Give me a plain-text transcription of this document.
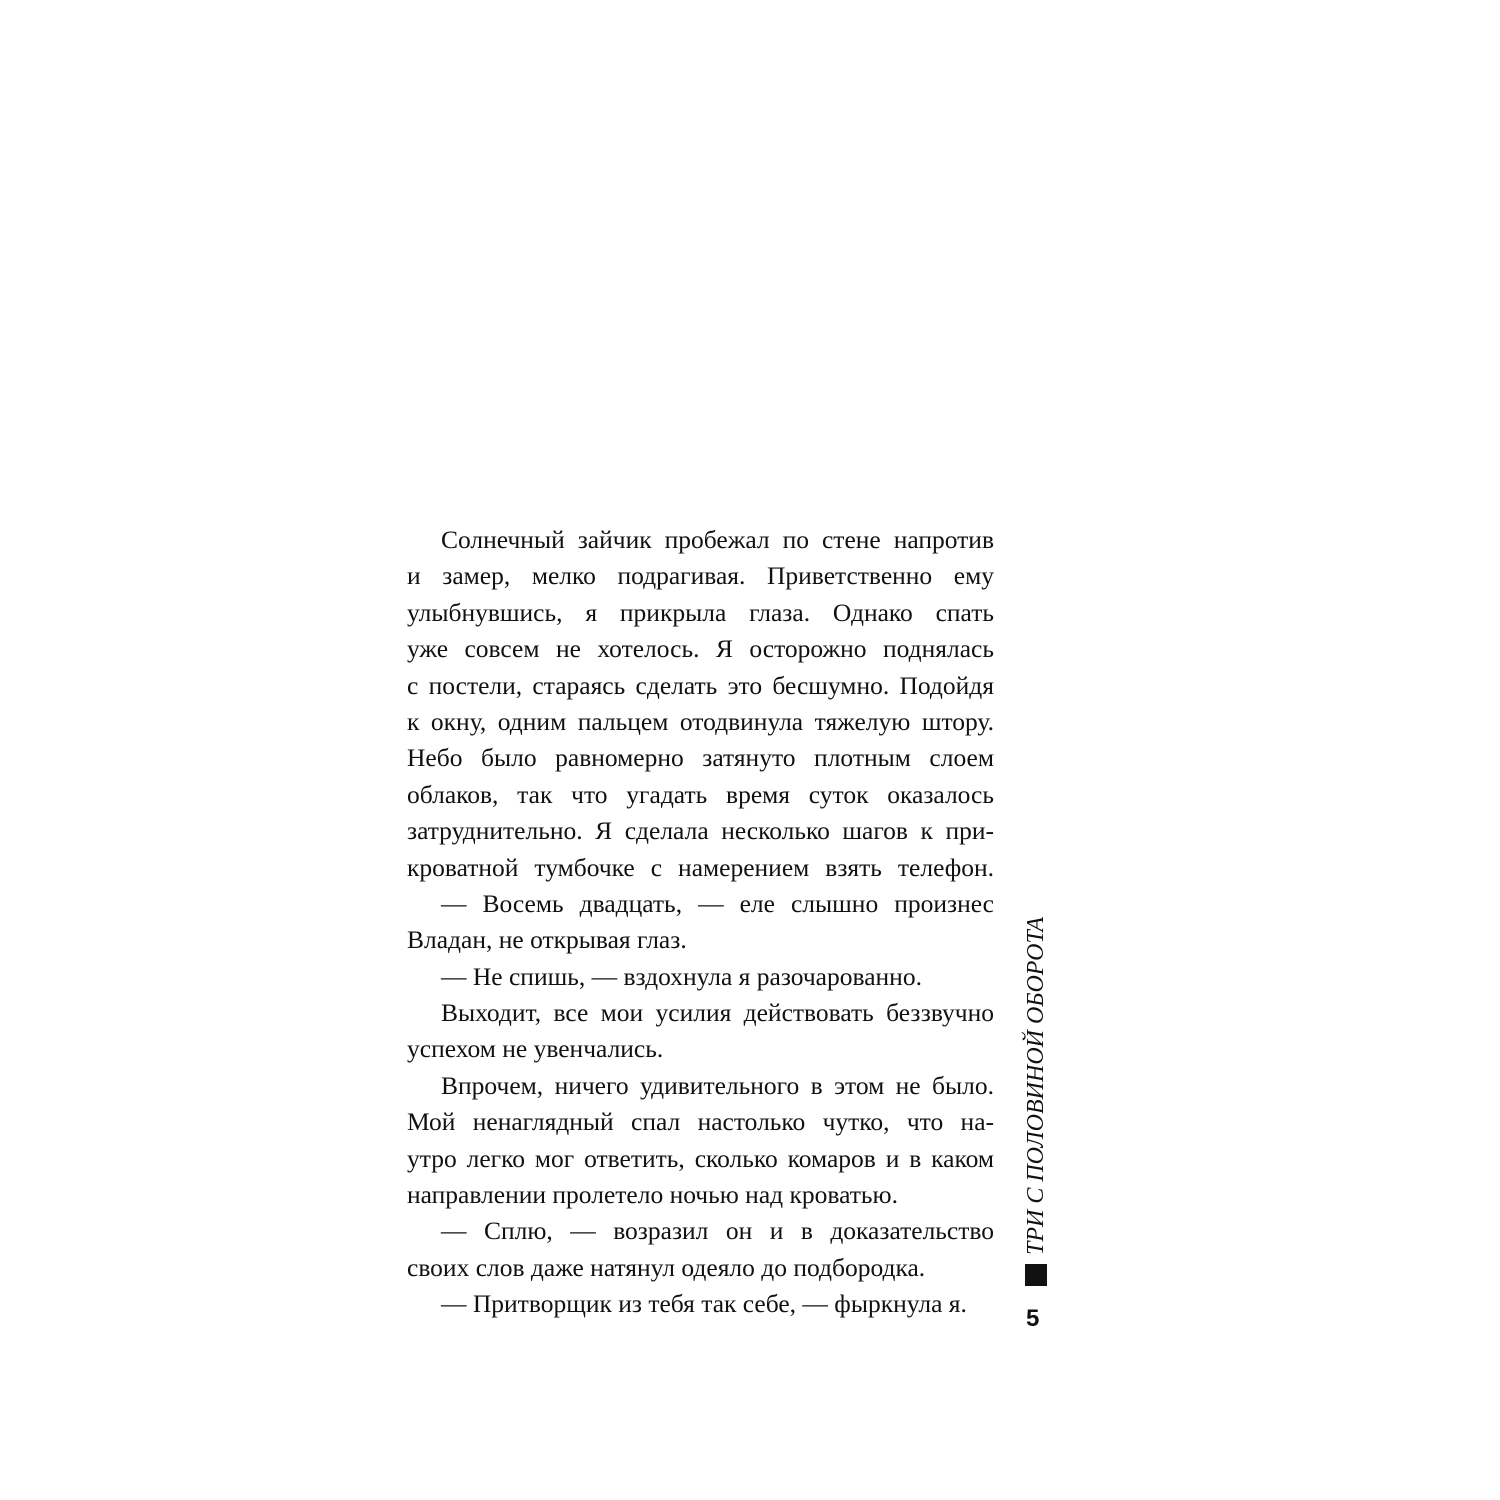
Солнечный зайчик пробежал по стене напротив
и замер, мелко подрагивая. Приветственно ему
улыбнувшись, я прикрыла глаза. Однако спать
уже совсем не хотелось. Я осторожно поднялась
с постели, стараясь сделать это бесшумно. Подойдя
к окну, одним пальцем отодвинула тяжелую штору.
Небо было равномерно затянуто плотным слоем
облаков, так что угадать время суток оказалось
затруднительно. Я сделала несколько шагов к при-
кроватной тумбочке с намерением взять телефон.
— Восемь двадцать, — еле слышно произнес
Владан, не открывая глаз.
— Не спишь, — вздохнула я разочарованно.
Выходит, все мои усилия действовать беззвучно
успехом не увенчались.
Впрочем, ничего удивительного в этом не было.
Мой ненаглядный спал настолько чутко, что на-
утро легко мог ответить, сколько комаров и в каком
направлении пролетело ночью над кроватью.
— Сплю, — возразил он и в доказательство
своих слов даже натянул одеяло до подбородка.
— Притворщик из тебя так себе, — фыркнула я.
ТРИ С ПОЛОВИНОЙ ОБОРОТА
5
